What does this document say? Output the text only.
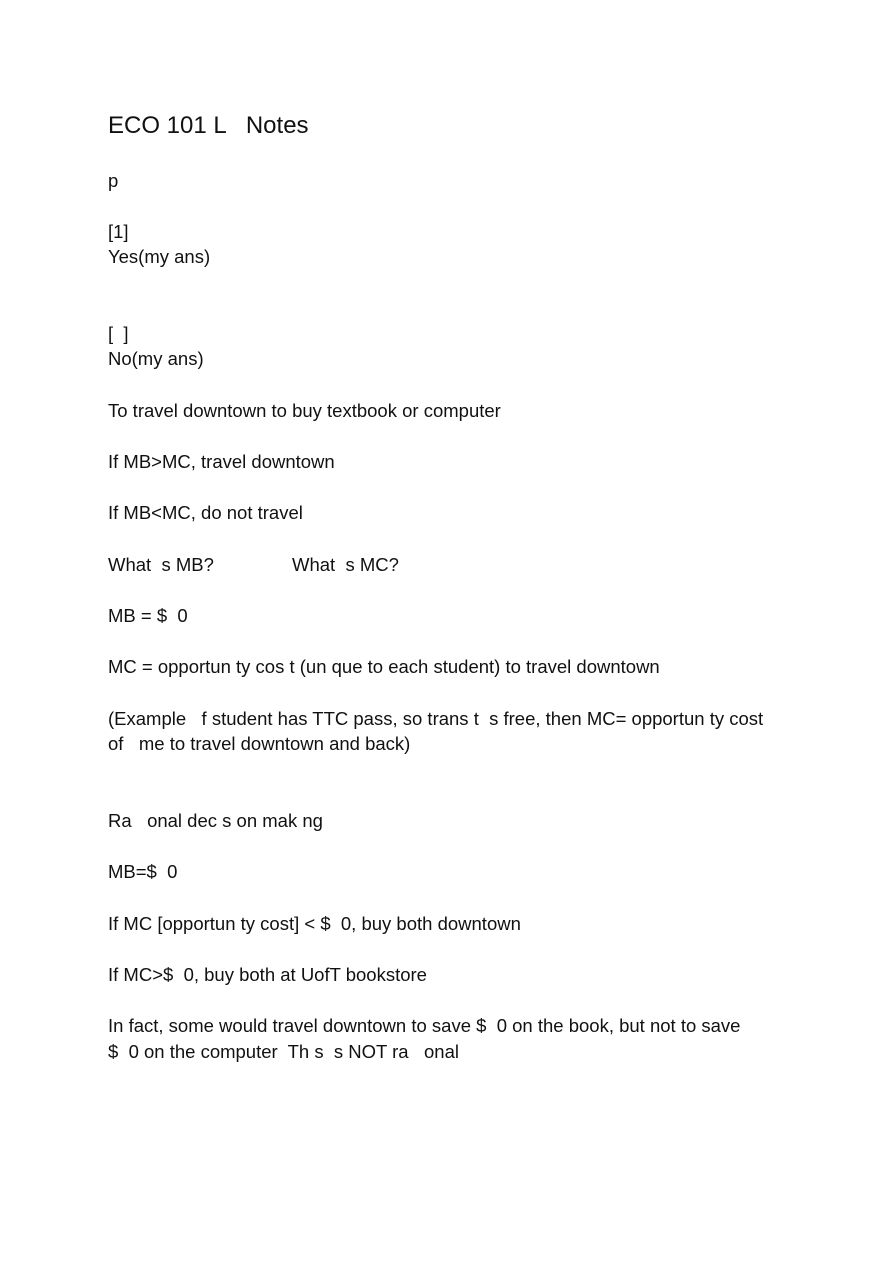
ECO 101 L   Notes

p

[1]

Yes(my ans)

[  ]

No(my ans)

To travel downtown to buy textbook or computer

If MB>MC, travel downtown

If MB<MC, do not travel

What  s MB?	What  s MC?

MB = $  0

MC = opportun ty cos t (un que to each student) to travel downtown

(Example   f student has TTC pass, so trans t  s free, then MC= opportun ty cost

of   me to travel downtown and back)

Ra   onal dec s on mak ng

MB=$  0

If MC [opportun ty cost] < $  0, buy both downtown

If MC>$  0, buy both at UofT bookstore

In fact, some would travel downtown to save $  0 on the book, but not to save

$  0 on the computer  Th s  s NOT ra   onal
